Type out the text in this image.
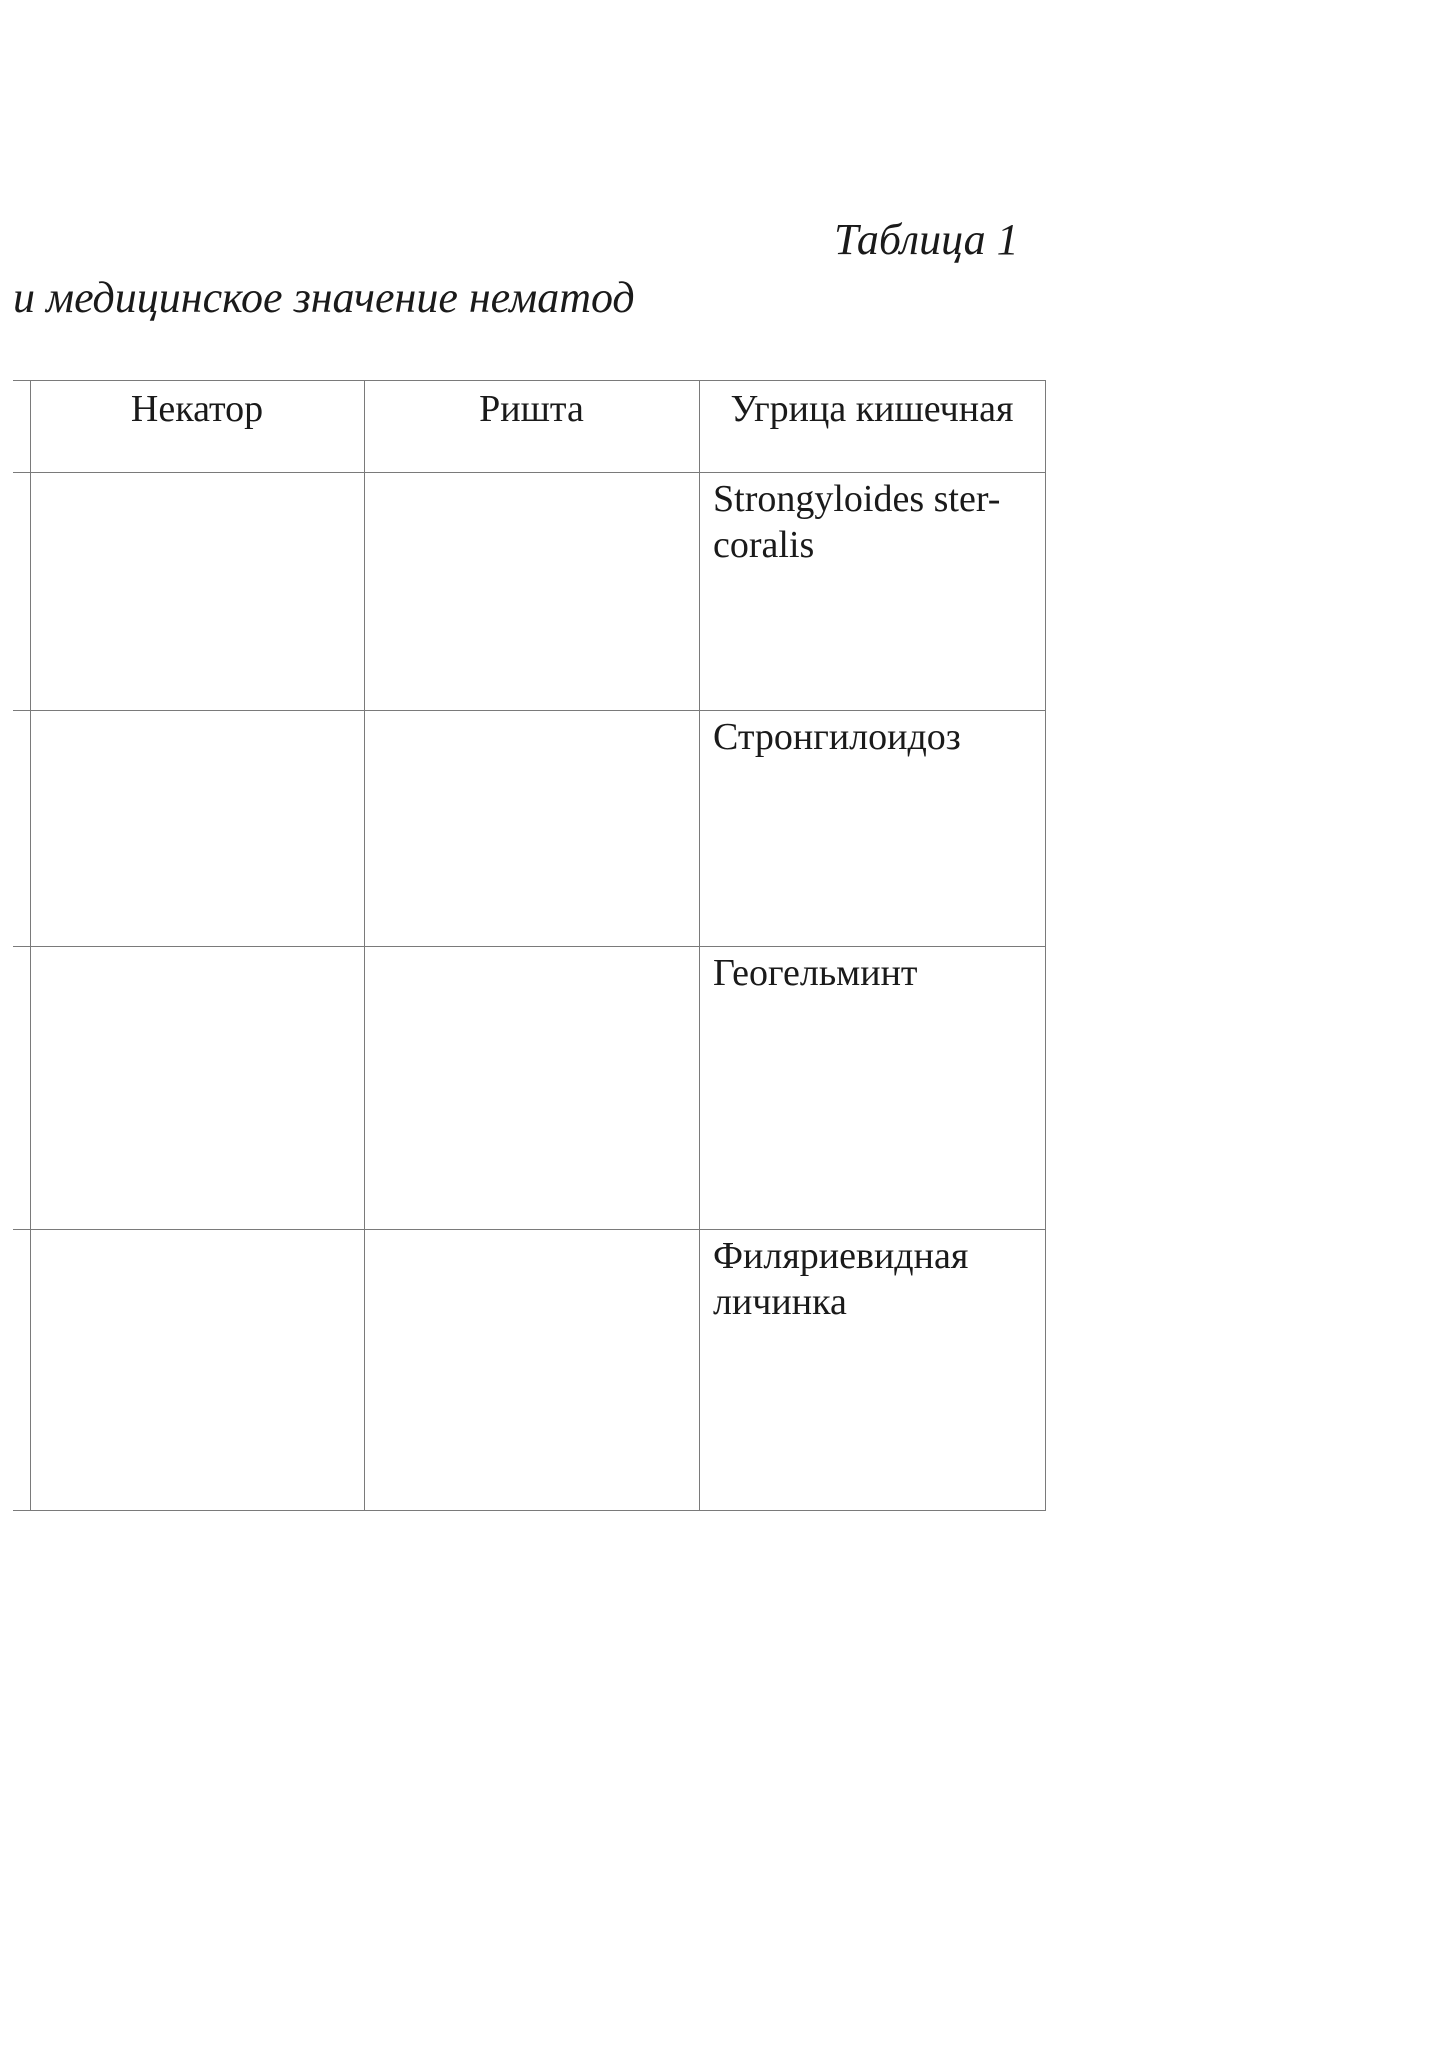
Таблица 1
и медицинское значение нематод
Некатор	Ришта	Угрица кишечная
Strongyloides ster-
coralis
Стронгилоидоз
Геогельминт
Филяриевидная
личинка
